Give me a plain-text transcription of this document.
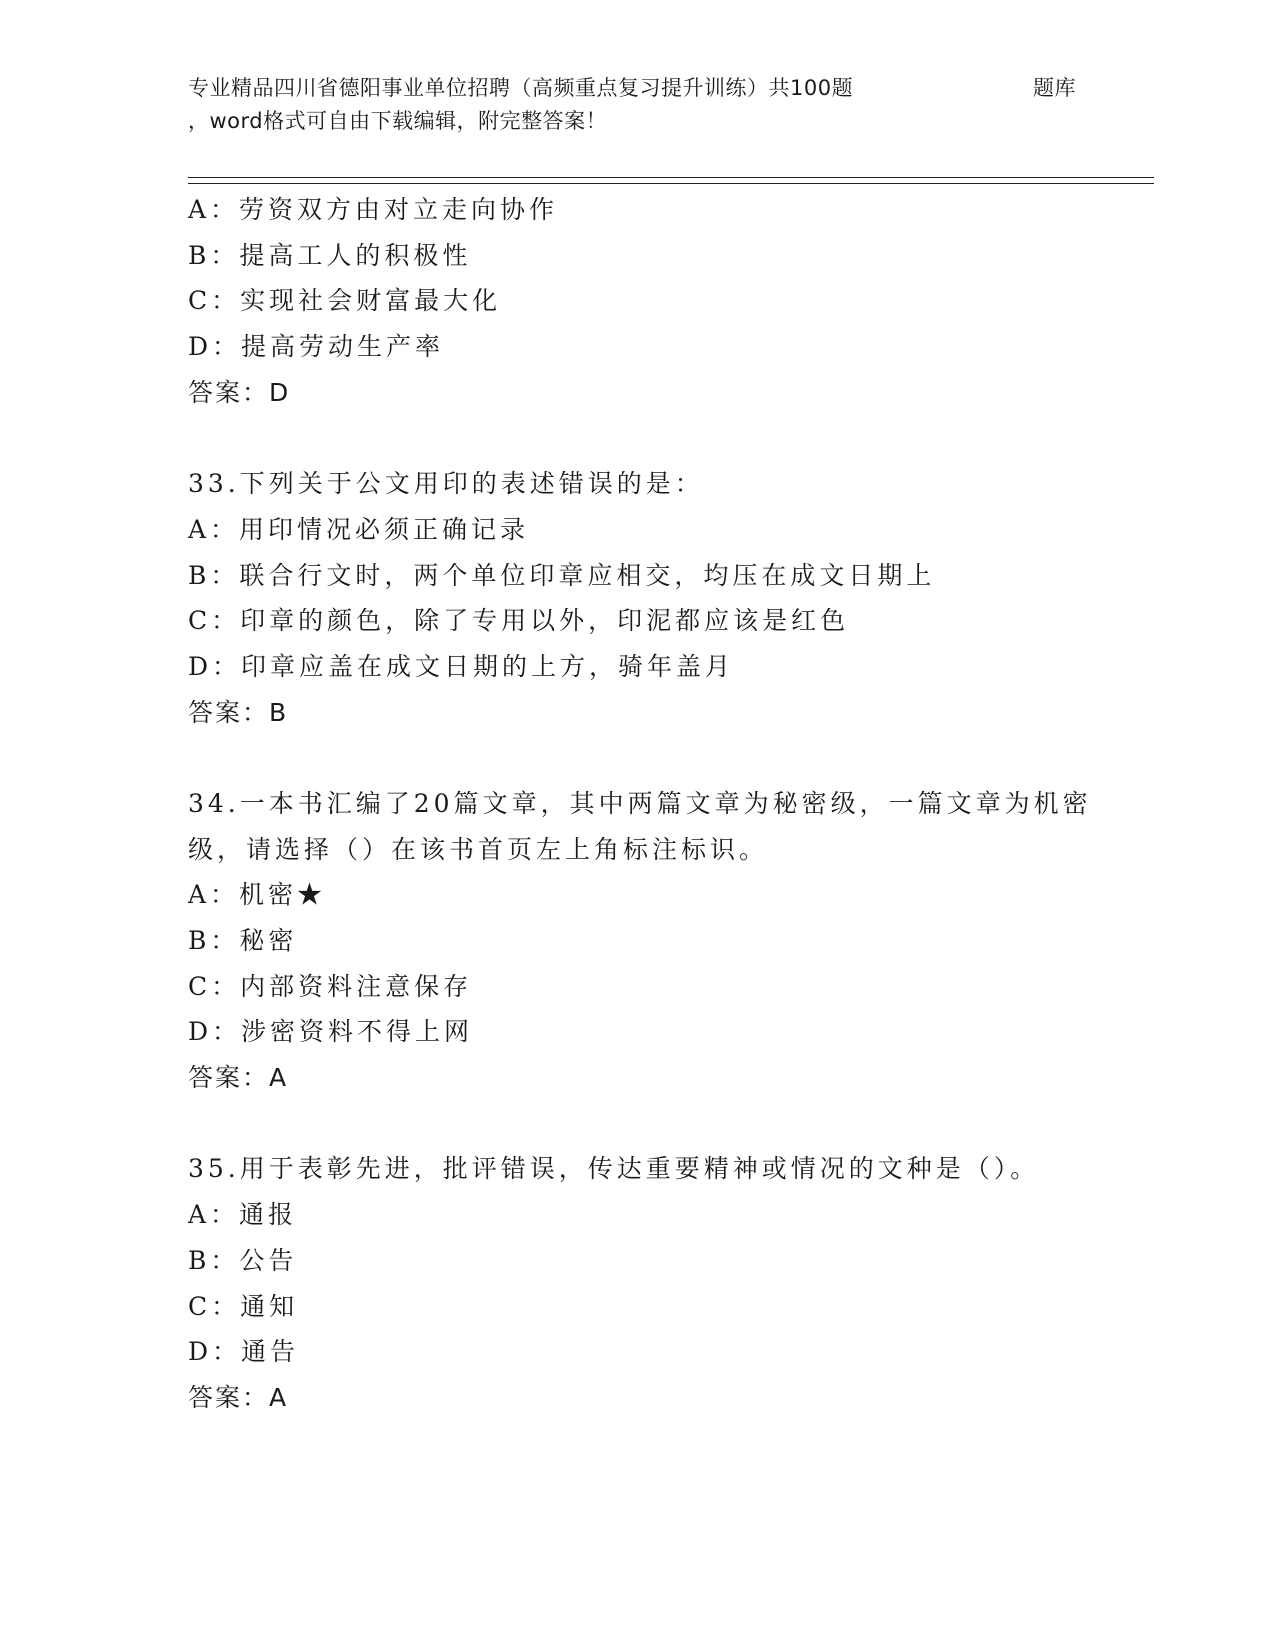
专业精品四川省德阳事业单位招聘（高频重点复习提升训练）共100题	题库
，word格式可自由下载编辑，附完整答案！
A：劳资双方由对立走向协作
B：提高工人的积极性
C：实现社会财富最大化
D：提高劳动生产率
答案：D
33.下列关于公文用印的表述错误的是：
A：用印情况必须正确记录
B：联合行文时，两个单位印章应相交，均压在成文日期上
C：印章的颜色，除了专用以外，印泥都应该是红色
D：印章应盖在成文日期的上方，骑年盖月
答案：B
34.一本书汇编了20篇文章，其中两篇文章为秘密级，一篇文章为机密级，请选择（）在该书首页左上角标注标识。
A：机密★
B：秘密
C：内部资料注意保存
D：涉密资料不得上网
答案：A
35.用于表彰先进，批评错误，传达重要精神或情况的文种是（）。
A：通报
B：公告
C：通知
D：通告
答案：A
